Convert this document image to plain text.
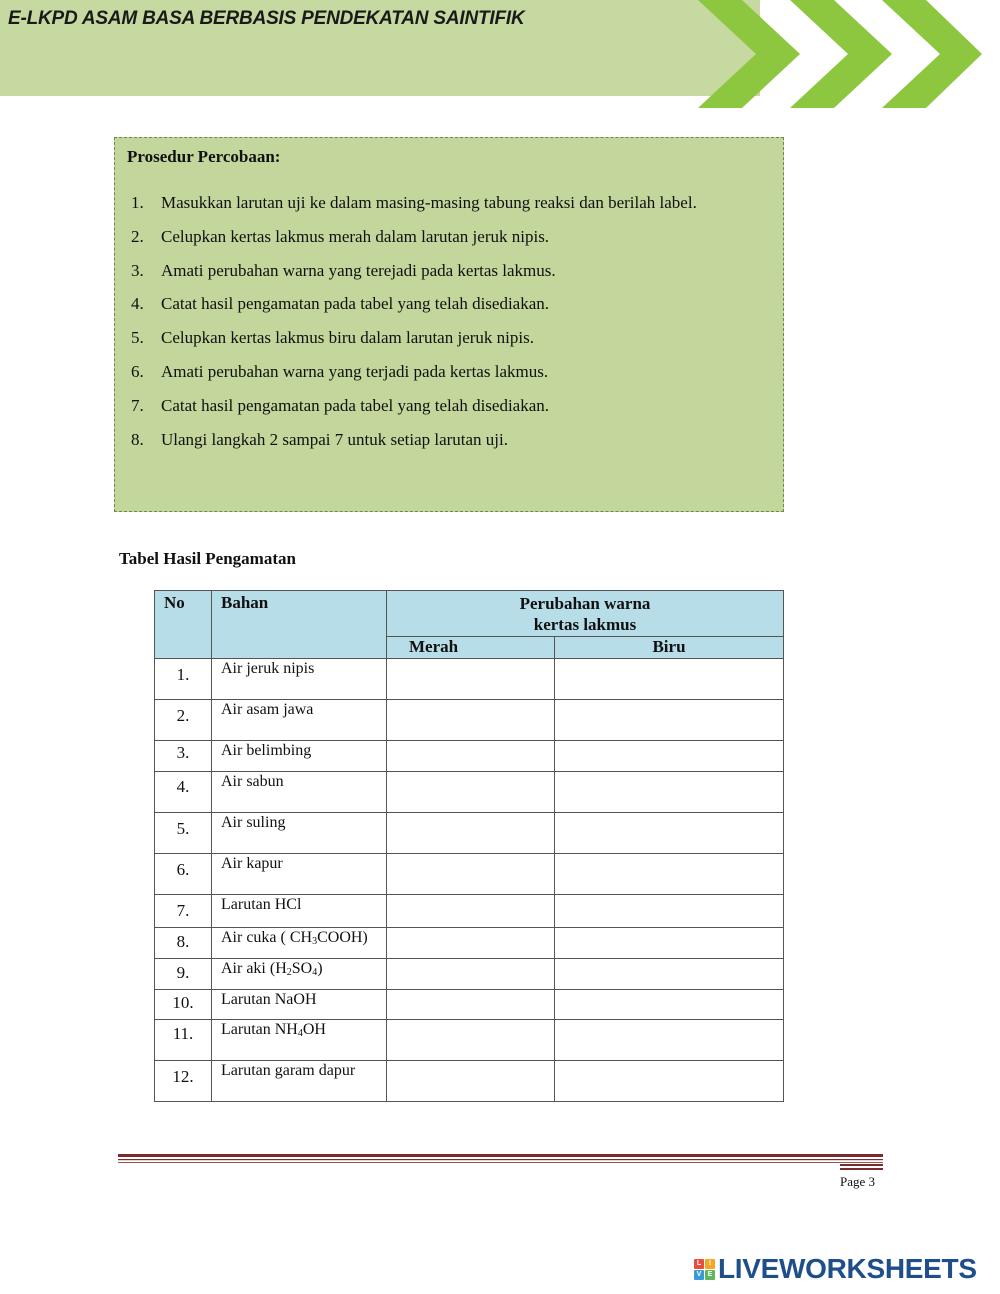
E-LKPD ASAM BASA BERBASIS PENDEKATAN SAINTIFIK
Prosedur Percobaan:
1.	Masukkan larutan uji ke dalam masing-masing tabung reaksi dan berilah label.
2.	Celupkan kertas lakmus merah dalam larutan jeruk nipis.
3.	Amati perubahan warna yang terejadi pada kertas lakmus.
4.	Catat hasil pengamatan pada tabel yang telah disediakan.
5.	Celupkan kertas lakmus biru dalam larutan jeruk nipis.
6.	Amati perubahan warna yang terjadi pada kertas lakmus.
7.	Catat hasil pengamatan pada tabel yang telah disediakan.
8.	Ulangi langkah 2 sampai 7 untuk setiap larutan uji.
Tabel Hasil Pengamatan
No	Bahan	Perubahan warna
kertas lakmus	

		Merah	Biru
1.	Air jeruk nipis		
2.	Air asam jawa		
3.	Air belimbing		
4.	Air sabun		
5.	Air suling		
6.	Air kapur		
7.	Larutan HCl		
8.	Air cuka ( $CH_3COOH$)		
9.	Air aki $(H_2SO_4)$		
10.	Larutan NaOH		
11.	Larutan $NH_4OH$		
12.	Larutan garam dapur		
Page 3
L	I
V E LIVEWORKSHEETS
